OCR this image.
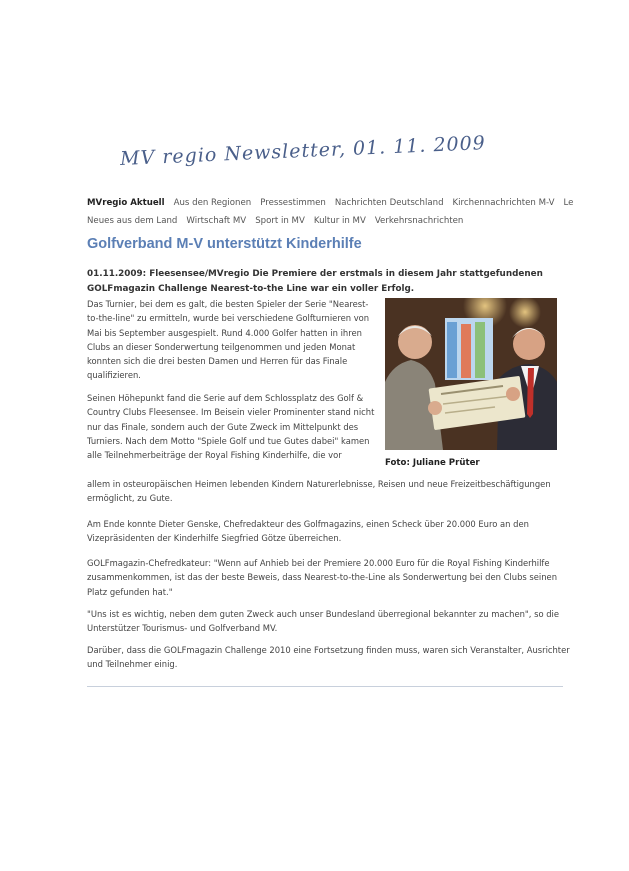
MV regio Newsletter, 01. 11. 2009
MVregio Aktuell Aus den Regionen Pressestimmen Nachrichten Deutschland Kirchennachrichten M-V Le
Neues aus dem Land Wirtschaft MV Sport in MV Kultur in MV Verkehrsnachrichten
Golfverband M-V unterstützt Kinderhilfe
01.11.2009: Fleesensee/MVregio Die Premiere der erstmals in diesem Jahr stattgefundenen GOLFmagazin Challenge Nearest-to-the Line war ein voller Erfolg.
Das Turnier, bei dem es galt, die besten Spieler der Serie "Nearest-to-the-line" zu ermitteln, wurde bei verschiedene Golfturnieren von Mai bis September ausgespielt. Rund 4.000 Golfer hatten in ihren Clubs an dieser Sonderwertung teilgenommen und jeden Monat konnten sich die drei besten Damen und Herren für das Finale qualifizieren.
Seinen Höhepunkt fand die Serie auf dem Schlossplatz des Golf & Country Clubs Fleesensee. Im Beisein vieler Prominenter stand nicht nur das Finale, sondern auch der Gute Zweck im Mittelpunkt des Turniers. Nach dem Motto "Spiele Golf und tue Gutes dabei" kamen alle Teilnehmerbeiträge der Royal Fishing Kinderhilfe, die vor
allem in osteuropäischen Heimen lebenden Kindern Naturerlebnisse, Reisen und neue Freizeitbeschäftigungen ermöglicht, zu Gute.
Am Ende konnte Dieter Genske, Chefredakteur des Golfmagazins, einen Scheck über 20.000 Euro an den Vizepräsidenten der Kinderhilfe Siegfried Götze überreichen.
GOLFmagazin-Chefredkateur: "Wenn auf Anhieb bei der Premiere 20.000 Euro für die Royal Fishing Kinderhilfe zusammenkommen, ist das der beste Beweis, dass Nearest-to-the-Line als Sonderwertung bei den Clubs seinen Platz gefunden hat."
"Uns ist es wichtig, neben dem guten Zweck auch unser Bundesland überregional bekannter zu machen", so die Unterstützer Tourismus- und Golfverband MV.
Darüber, dass die GOLFmagazin Challenge 2010 eine Fortsetzung finden muss, waren sich Veranstalter, Ausrichter und Teilnehmer einig.
Foto: Juliane Prüter
